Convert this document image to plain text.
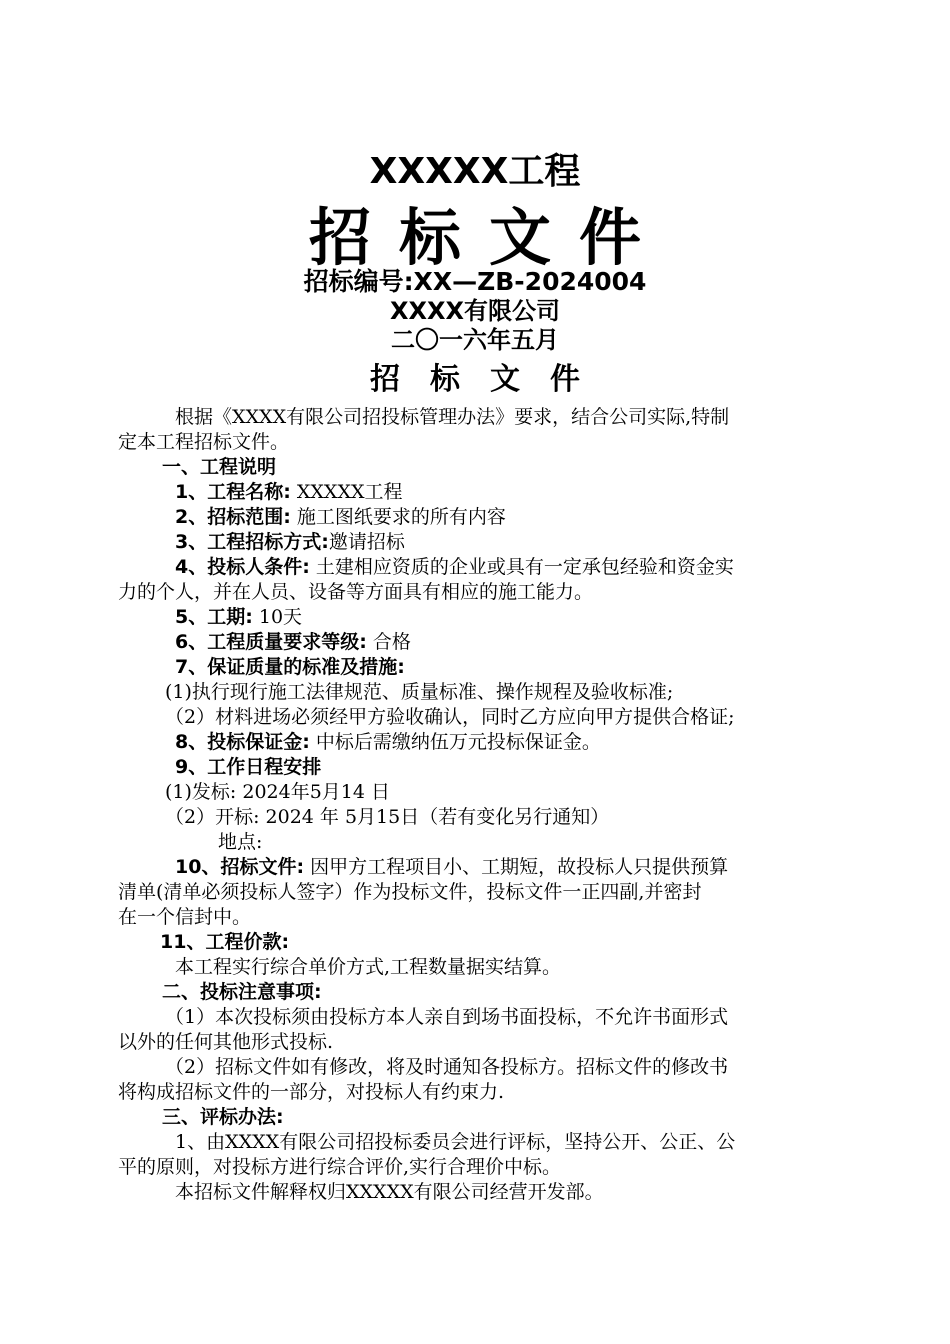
XXXXX工程
招标文件
招标编号:XX—ZB-2024004
XXXX有限公司
二〇一六年五月
招标文件
根据《XXXX有限公司招投标管理办法》要求，结合公司实际,特制
定本工程招标文件。
一、工程说明
1、工程名称: XXXXX工程
2、招标范围: 施工图纸要求的所有内容
3、工程招标方式:邀请招标
4、投标人条件: 土建相应资质的企业或具有一定承包经验和资金实
力的个人，并在人员、设备等方面具有相应的施工能力。
5、工期: 10天
6、工程质量要求等级: 合格
7、保证质量的标准及措施:
(1)执行现行施工法律规范、质量标准、操作规程及验收标准;
（2）材料进场必须经甲方验收确认，同时乙方应向甲方提供合格证;
8、投标保证金: 中标后需缴纳伍万元投标保证金。
9、工作日程安排
(1)发标: 2024年5月14 日
（2）开标: 2024 年 5月15日（若有变化另行通知）
地点:
10、招标文件: 因甲方工程项目小、工期短，故投标人只提供预算
清单(清单必须投标人签字）作为投标文件，投标文件一正四副,并密封
在一个信封中。
11、工程价款:
本工程实行综合单价方式,工程数量据实结算。
二、投标注意事项:
（1）本次投标须由投标方本人亲自到场书面投标，不允许书面形式
以外的任何其他形式投标.
（2）招标文件如有修改，将及时通知各投标方。招标文件的修改书
将构成招标文件的一部分，对投标人有约束力.
三、评标办法:
1、由XXXX有限公司招投标委员会进行评标，坚持公开、公正、公
平的原则，对投标方进行综合评价,实行合理价中标。
本招标文件解释权归XXXXX有限公司经营开发部。
